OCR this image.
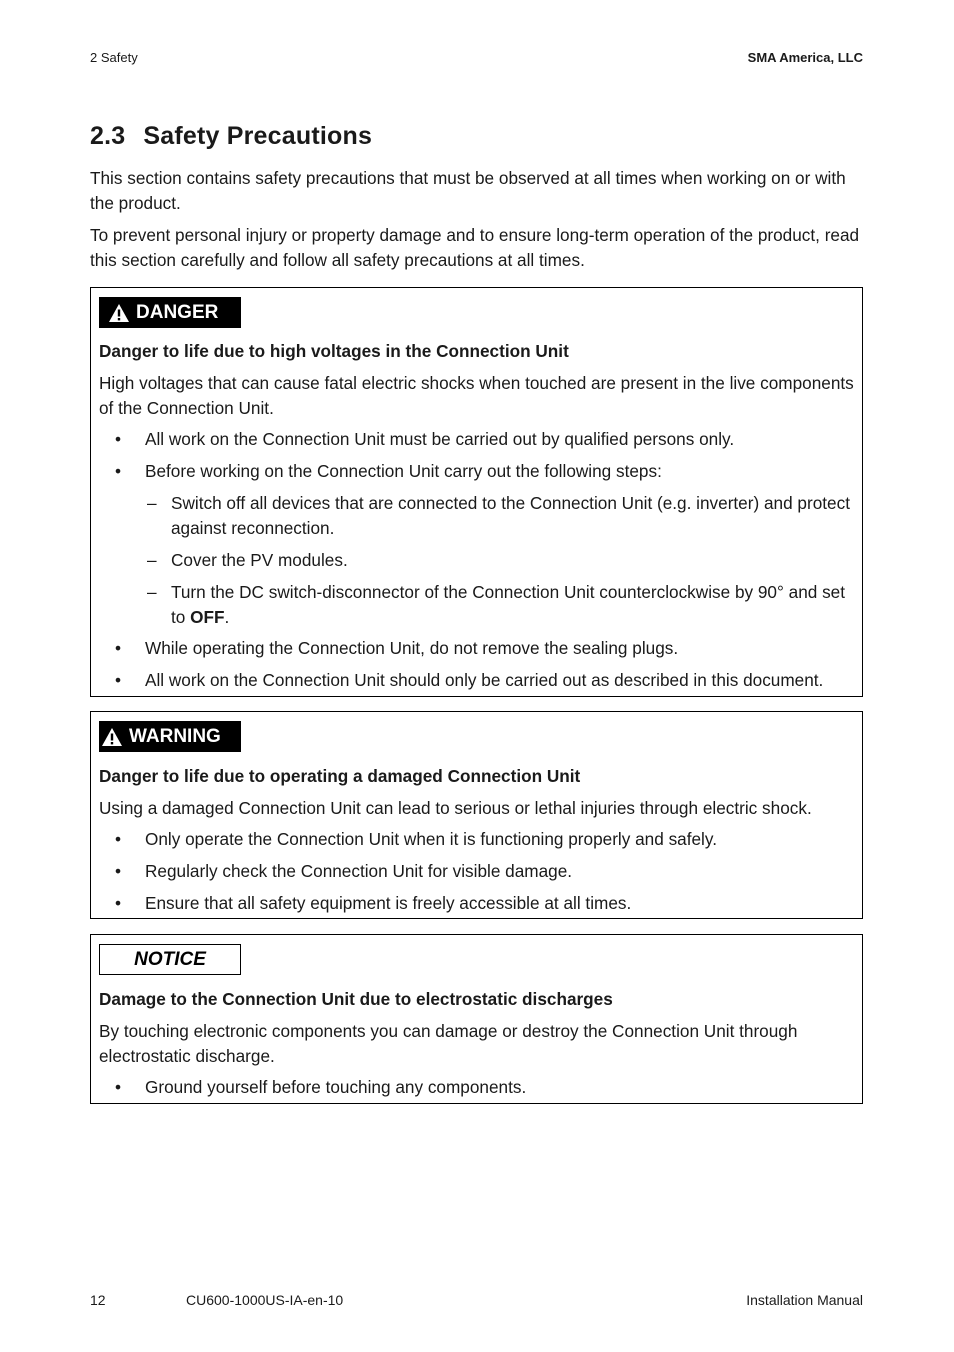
2 Safety	SMA America, LLC
2.3 Safety Precautions

This section contains safety precautions that must be observed at all times when working on or with the product.

To prevent personal injury or property damage and to ensure long-term operation of the product, read this section carefully and follow all safety precautions at all times.

DANGER

Danger to life due to high voltages in the Connection Unit

High voltages that can cause fatal electric shocks when touched are present in the live components of the Connection Unit.

• All work on the Connection Unit must be carried out by qualified persons only.

• Before working on the Connection Unit carry out the following steps:

– Switch off all devices that are connected to the Connection Unit (e.g. inverter) and protect against reconnection.

– Cover the PV modules.

– Turn the DC switch-disconnector of the Connection Unit counterclockwise by 90° and set to OFF.

• While operating the Connection Unit, do not remove the sealing plugs.

• All work on the Connection Unit should only be carried out as described in this document.

WARNING

Danger to life due to operating a damaged Connection Unit

Using a damaged Connection Unit can lead to serious or lethal injuries through electric shock.

• Only operate the Connection Unit when it is functioning properly and safely.

• Regularly check the Connection Unit for visible damage.

• Ensure that all safety equipment is freely accessible at all times.

NOTICE

Damage to the Connection Unit due to electrostatic discharges

By touching electronic components you can damage or destroy the Connection Unit through electrostatic discharge.

• Ground yourself before touching any components.

12	CU600-1000US-IA-en-10	Installation Manual
